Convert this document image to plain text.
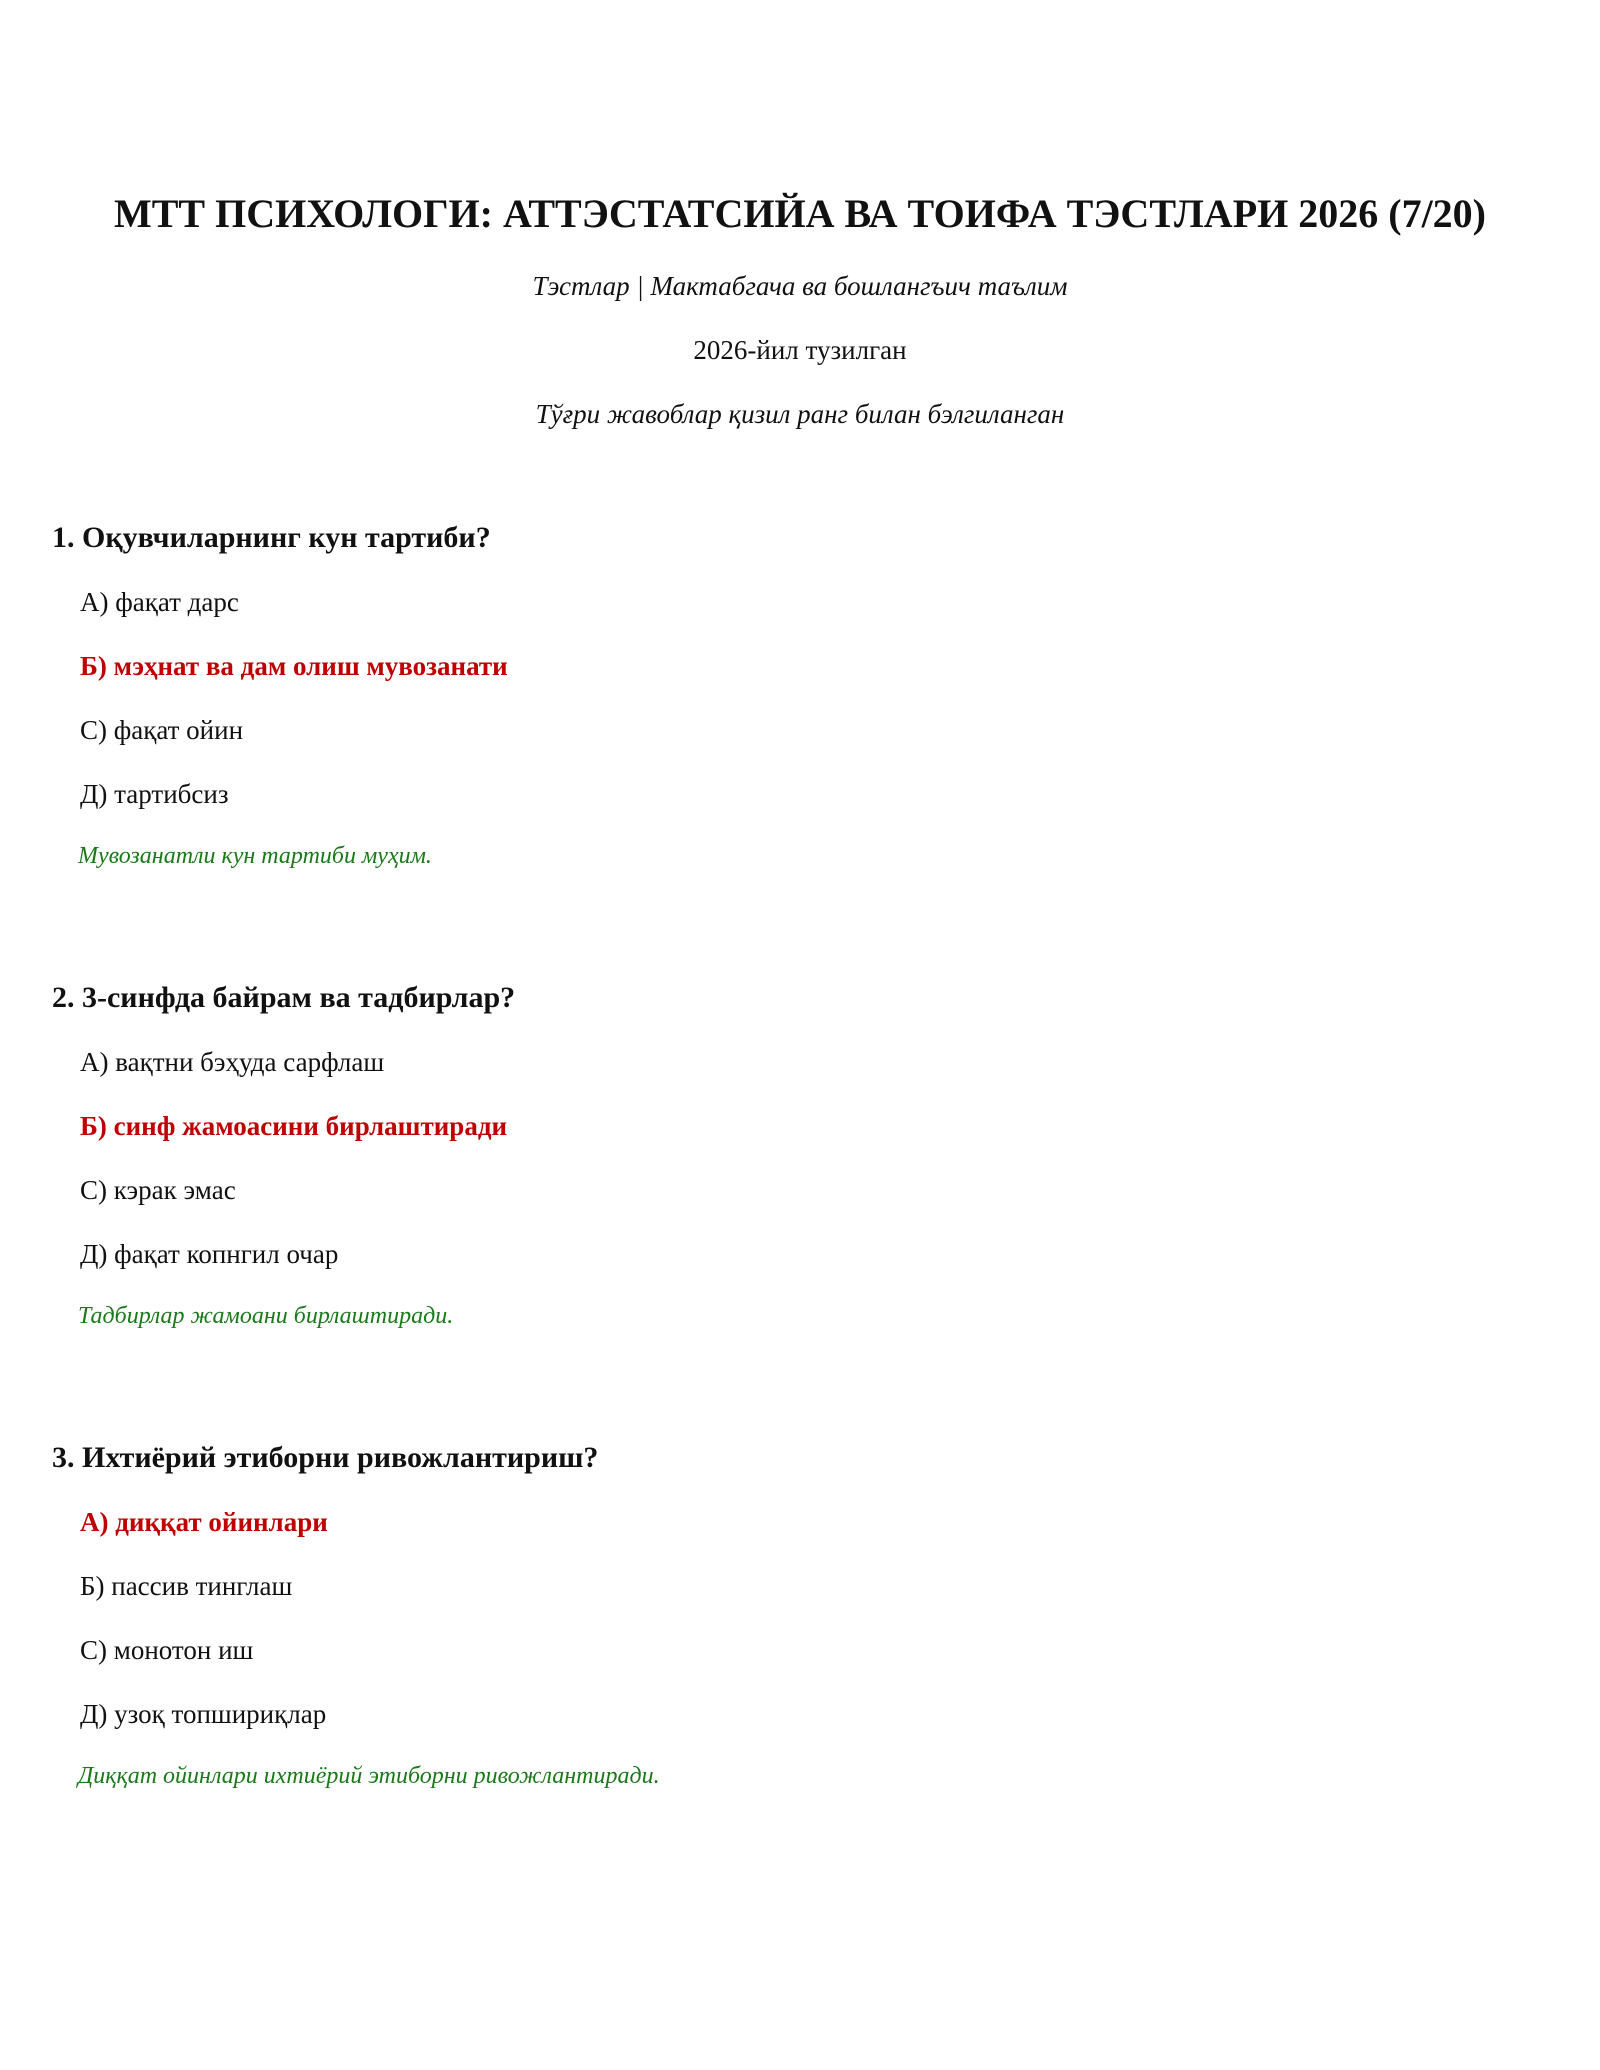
МТТ ПСИХОЛОГИ: АТТЭСТАТСИЙА ВА ТОИФА ТЭСТЛАРИ 2026 (7/20)

Тэстлар | Мактабгача ва бошлангъич таълим

2026-йил тузилган

Тўғри жавоблар қизил ранг билан бэлгиланган

1. Оқувчиларнинг кун тартиби?
А) фақат дарс
Б) мэҳнат ва дам олиш мувозанати
С) фақат ойин
Д) тартибсиз
Мувозанатли кун тартиби муҳим.
2. 3-синфда байрам ва тадбирлар?
А) вақтни бэҳуда сарфлаш
Б) синф жамоасини бирлаштиради
С) кэрак эмас
Д) фақат копнгил очар
Тадбирлар жамоани бирлаштиради.
3. Ихтиёрий этиборни ривожлантириш?
А) диққат ойинлари
Б) пассив тинглаш
С) монотон иш
Д) узоқ топшириқлар
Диққат ойинлари ихтиёрий этиборни ривожлантиради.
